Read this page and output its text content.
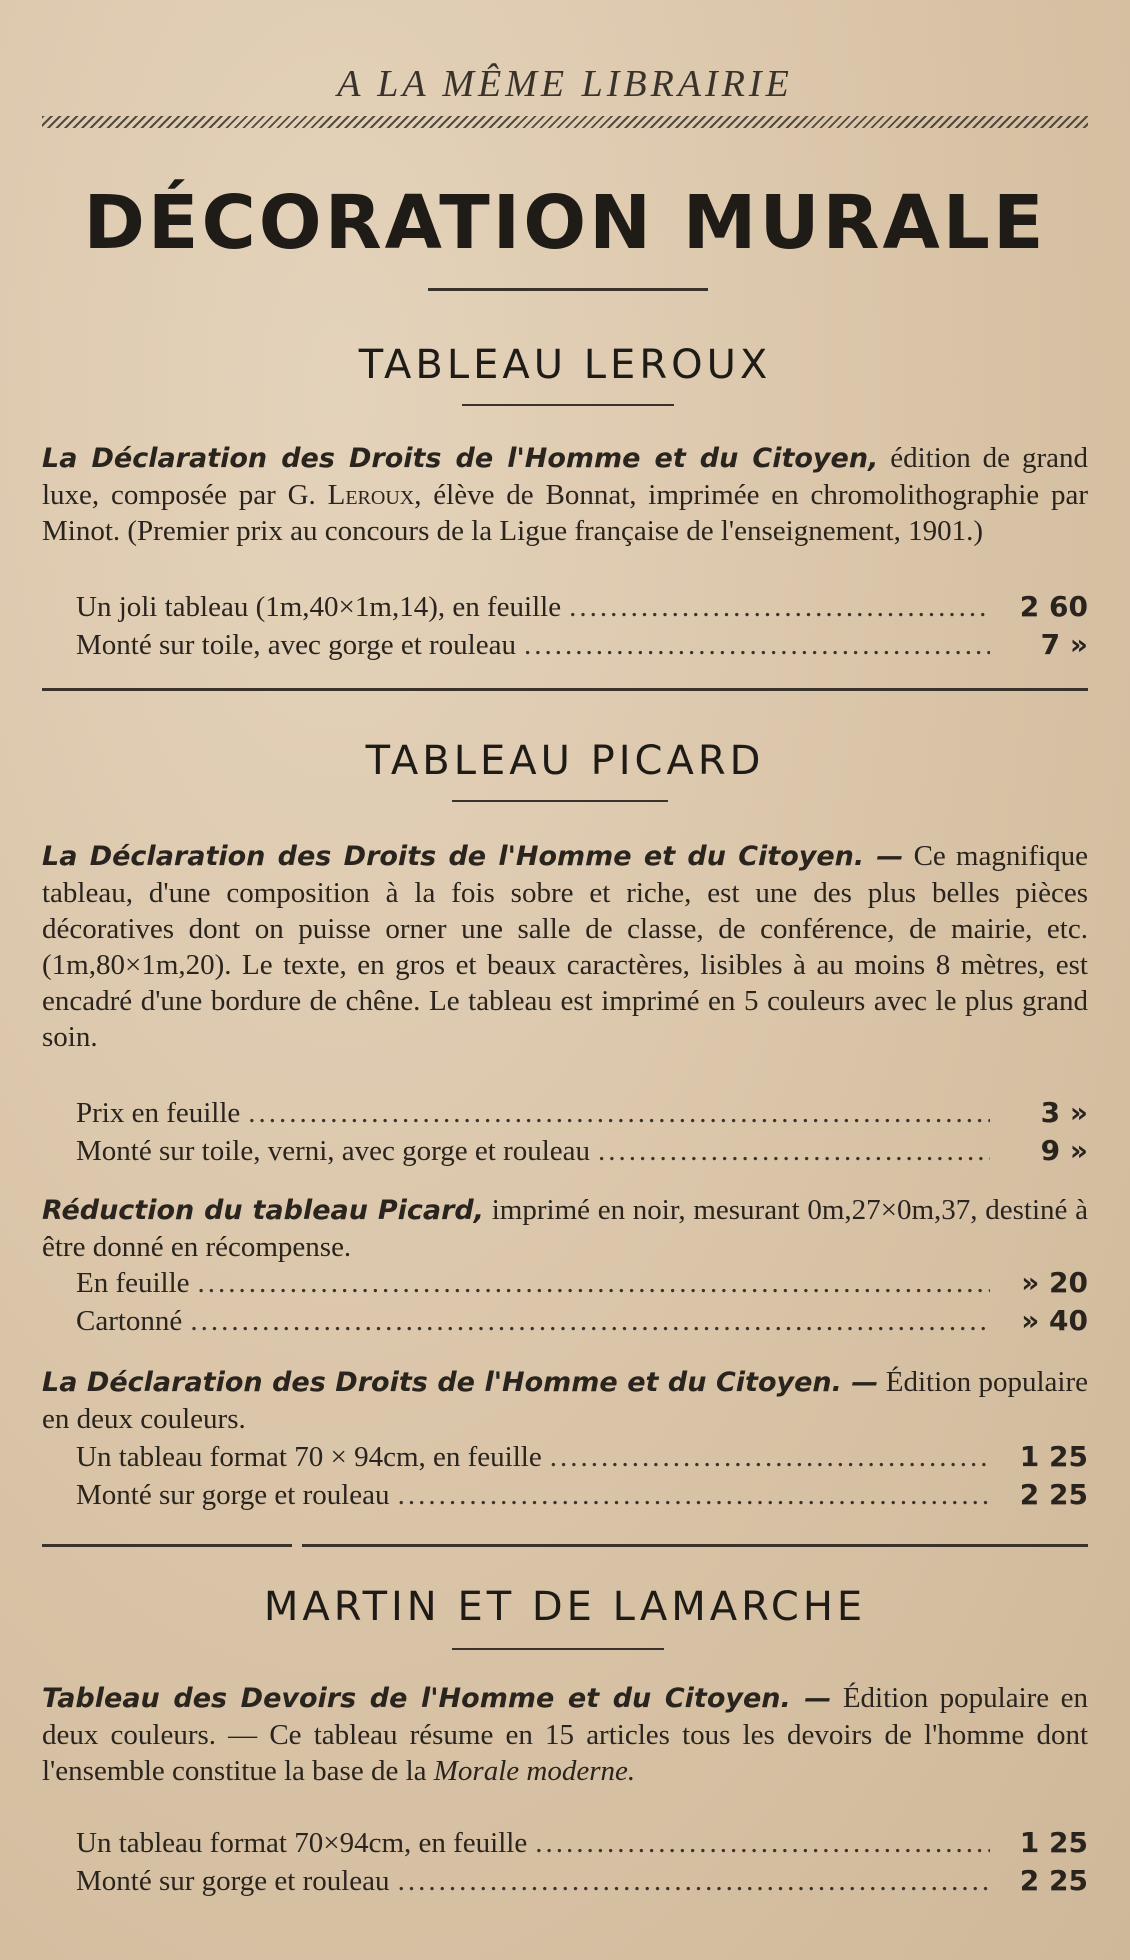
A LA MÊME LIBRAIRIE
DÉCORATION MURALE
TABLEAU LEROUX

La Déclaration des Droits de l'Homme et du Citoyen, édition de grand luxe, composée par G. Leroux, élève de Bonnat, imprimée en chromolithographie par Minot. (Premier prix au concours de la Ligue française de l'enseignement, 1901.)

Un joli tableau (1m,40×1m,14), en feuille .....	2 60
Monté sur toile, avec gorge et rouleau .....	7 »
TABLEAU PICARD

La Déclaration des Droits de l'Homme et du Citoyen. — Ce magnifique tableau, d'une composition à la fois sobre et riche, est une des plus belles pièces décoratives dont on puisse orner une salle de classe, de conférence, de mairie, etc. (1m,80×1m,20). Le texte, en gros et beaux caractères, lisibles à au moins 8 mètres, est encadré d'une bordure de chêne. Le tableau est imprimé en 5 couleurs avec le plus grand soin.

Prix en feuille .....	3 »
Monté sur toile, verni, avec gorge et rouleau .....	9 »

Réduction du tableau Picard, imprimé en noir, mesurant 0m,27×0m,37, destiné à être donné en récompense.

En feuille .....	» 20
Cartonné .....	» 40

La Déclaration des Droits de l'Homme et du Citoyen. — Édition populaire en deux couleurs.

Un tableau format 70 × 94cm, en feuille .....	1 25
Monté sur gorge et rouleau .....	2 25
MARTIN ET DE LAMARCHE

Tableau des Devoirs de l'Homme et du Citoyen. — Édition populaire en deux couleurs. — Ce tableau résume en 15 articles tous les devoirs de l'homme dont l'ensemble constitue la base de la Morale moderne.

Un tableau format 70×94cm, en feuille .....	1 25
Monté sur gorge et rouleau .....	2 25
